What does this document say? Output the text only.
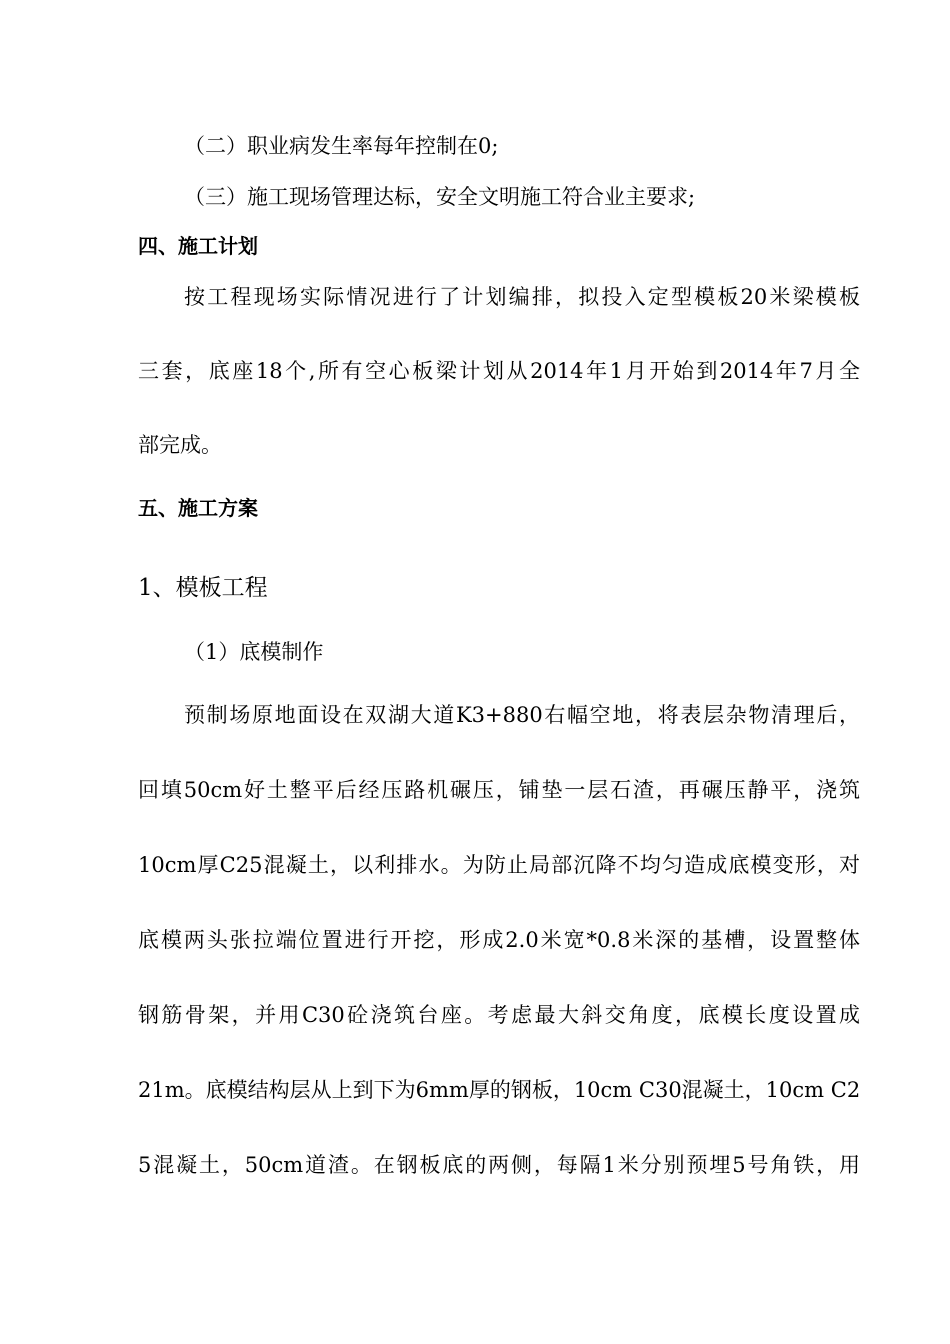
（二）职业病发生率每年控制在0;
（三）施工现场管理达标，安全文明施工符合业主要求;
四、施工计划
按工程现场实际情况进行了计划编排，拟投入定型模板20米梁模板
三套，底座18个,所有空心板梁计划从2014年1月开始到2014年7月全
部完成。
五、施工方案
1、模板工程
（1）底模制作
预制场原地面设在双湖大道K3+880右幅空地，将表层杂物清理后，
回填50cm好土整平后经压路机碾压，铺垫一层石渣，再碾压静平，浇筑
10cm厚C25混凝土，以利排水。为防止局部沉降不均匀造成底模变形，对
底模两头张拉端位置进行开挖，形成2.0米宽*0.8米深的基槽，设置整体
钢筋骨架，并用C30砼浇筑台座。考虑最大斜交角度，底模长度设置成
21m。底模结构层从上到下为6mm厚的钢板，10cm C30混凝土，10cm C2
5混凝土，50cm道渣。在钢板底的两侧，每隔1米分别预埋5号角铁，用
